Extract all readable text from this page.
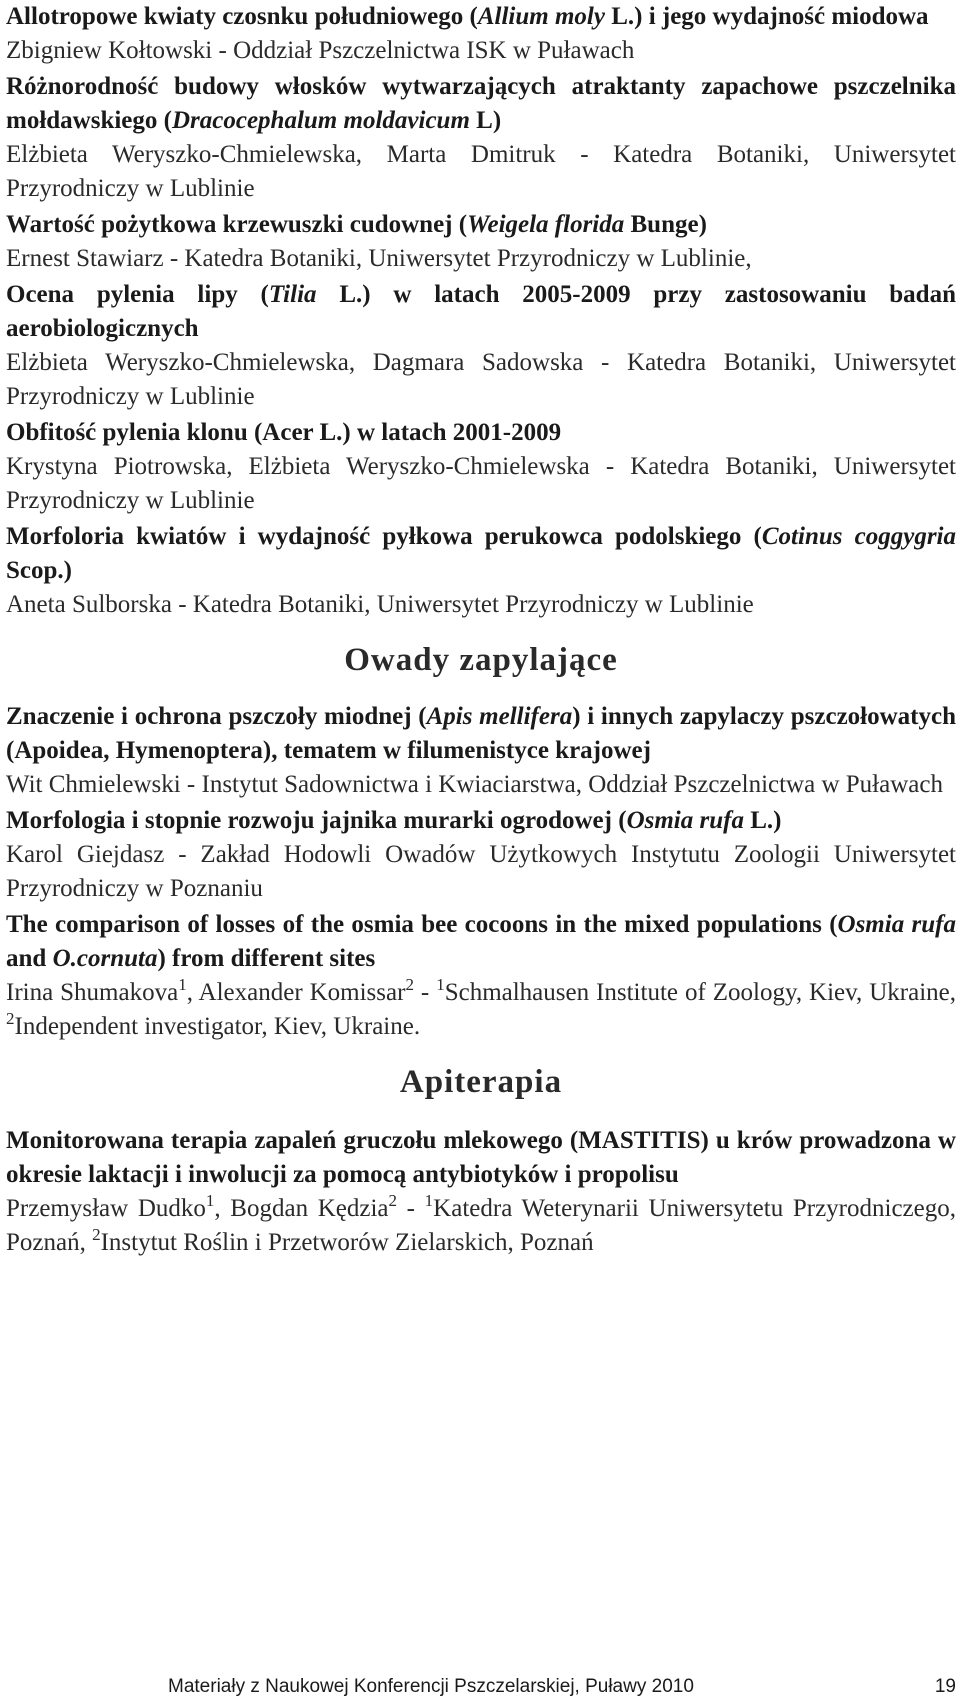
Allotropowe kwiaty czosnku południowego (Allium moly L.) i jego wydajność miodowa

Zbigniew Kołtowski - Oddział Pszczelnictwa ISK w Puławach

Różnorodność budowy włosków wytwarzających atraktanty zapachowe pszczelnika mołdawskiego (Dracocephalum moldavicum L)

Elżbieta Weryszko-Chmielewska, Marta Dmitruk - Katedra Botaniki, Uniwersytet Przyrodniczy w Lublinie

Wartość pożytkowa krzewuszki cudownej (Weigela florida Bunge)

Ernest Stawiarz - Katedra Botaniki, Uniwersytet Przyrodniczy w Lublinie,

Ocena pylenia lipy (Tilia L.) w latach 2005-2009 przy zastosowaniu badań aerobiologicznych

Elżbieta Weryszko-Chmielewska, Dagmara Sadowska - Katedra Botaniki, Uniwersytet Przyrodniczy w Lublinie

Obfitość pylenia klonu (Acer L.) w latach 2001-2009

Krystyna Piotrowska, Elżbieta Weryszko-Chmielewska - Katedra Botaniki, Uniwersytet Przyrodniczy w Lublinie

Morfoloria kwiatów i wydajność pyłkowa perukowca podolskiego (Cotinus coggygria Scop.)

Aneta Sulborska - Katedra Botaniki, Uniwersytet Przyrodniczy w Lublinie

Owady zapylające

Znaczenie i ochrona pszczoły miodnej (Apis mellifera) i innych zapylaczy pszczołowatych (Apoidea, Hymenoptera), tematem w filumenistyce krajowej

Wit Chmielewski - Instytut Sadownictwa i Kwiaciarstwa, Oddział Pszczelnictwa w Puławach

Morfologia i stopnie rozwoju jajnika murarki ogrodowej (Osmia rufa L.)

Karol Giejdasz - Zakład Hodowli Owadów Użytkowych Instytutu Zoologii Uniwersytet Przyrodniczy w Poznaniu

The comparison of losses of the osmia bee cocoons in the mixed populations (Osmia rufa and O.cornuta) from different sites

Irina Shumakova$^1$, Alexander Komissar$^2$ - $^1$Schmalhausen Institute of Zoology, Kiev, Ukraine, $^2$Independent investigator, Kiev, Ukraine.

Apiterapia

Monitorowana terapia zapaleń gruczołu mlekowego (MASTITIS) u krów prowadzona w okresie laktacji i inwolucji za pomocą antybiotyków i propolisu

Przemysław Dudko$^1$, Bogdan Kędzia$^2$ - $^1$Katedra Weterynarii Uniwersytetu Przyrodniczego, Poznań, $^2$Instytut Roślin i Przetworów Zielarskich, Poznań

Materiały z Naukowej Konferencji Pszczelarskiej, Puławy 2010	19
